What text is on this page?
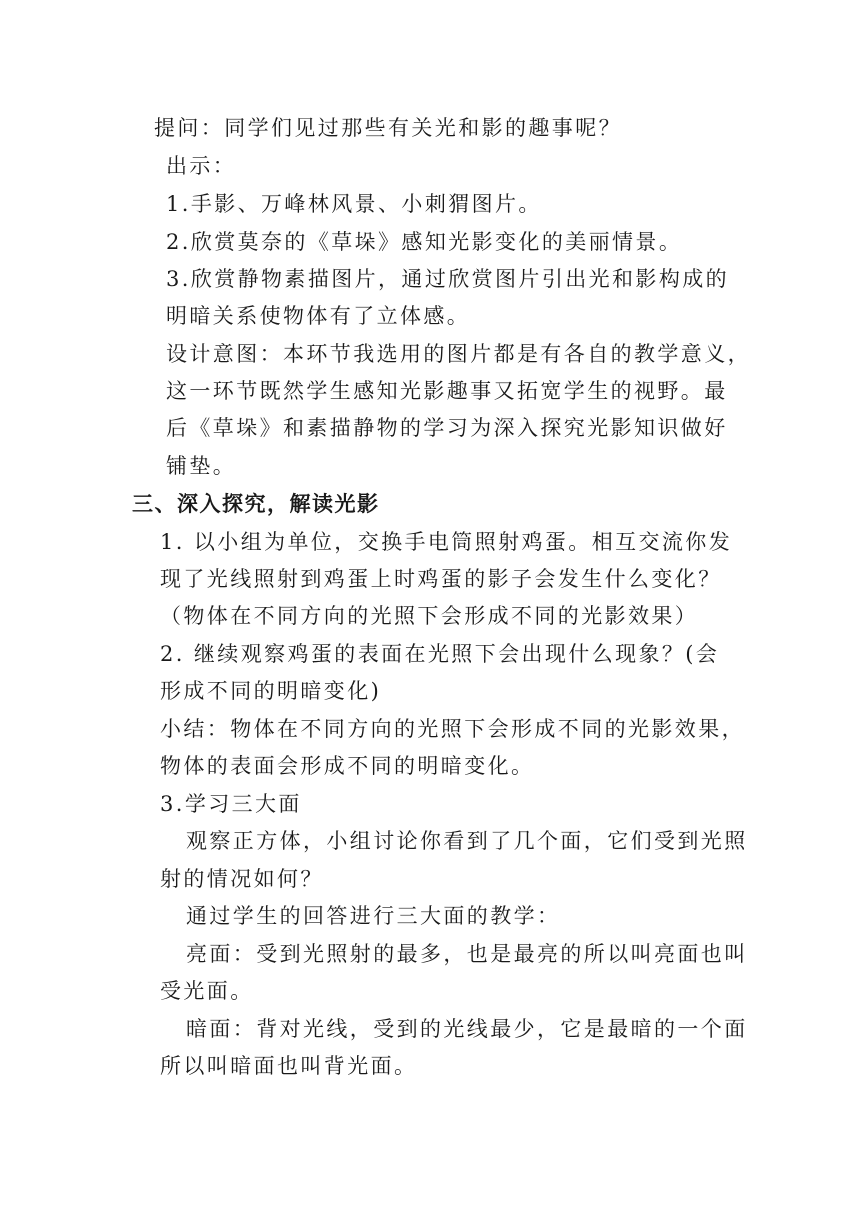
提问：同学们见过那些有关光和影的趣事呢？

出示：

1.手影、万峰林风景、小刺猬图片。

2.欣赏莫奈的《草垛》感知光影变化的美丽情景。

3.欣赏静物素描图片，通过欣赏图片引出光和影构成的

明暗关系使物体有了立体感。

设计意图：本环节我选用的图片都是有各自的教学意义，

这一环节既然学生感知光影趣事又拓宽学生的视野。最

后《草垛》和素描静物的学习为深入探究光影知识做好

铺垫。

三、深入探究，解读光影

1. 以小组为单位，交换手电筒照射鸡蛋。相互交流你发

现了光线照射到鸡蛋上时鸡蛋的影子会发生什么变化？

（物体在不同方向的光照下会形成不同的光影效果）

2. 继续观察鸡蛋的表面在光照下会出现什么现象？(会

形成不同的明暗变化)

小结：物体在不同方向的光照下会形成不同的光影效果，

物体的表面会形成不同的明暗变化。

3.学习三大面

观察正方体，小组讨论你看到了几个面，它们受到光照

射的情况如何？

通过学生的回答进行三大面的教学：

亮面：受到光照射的最多，也是最亮的所以叫亮面也叫

受光面。

暗面：背对光线，受到的光线最少，它是最暗的一个面

所以叫暗面也叫背光面。
